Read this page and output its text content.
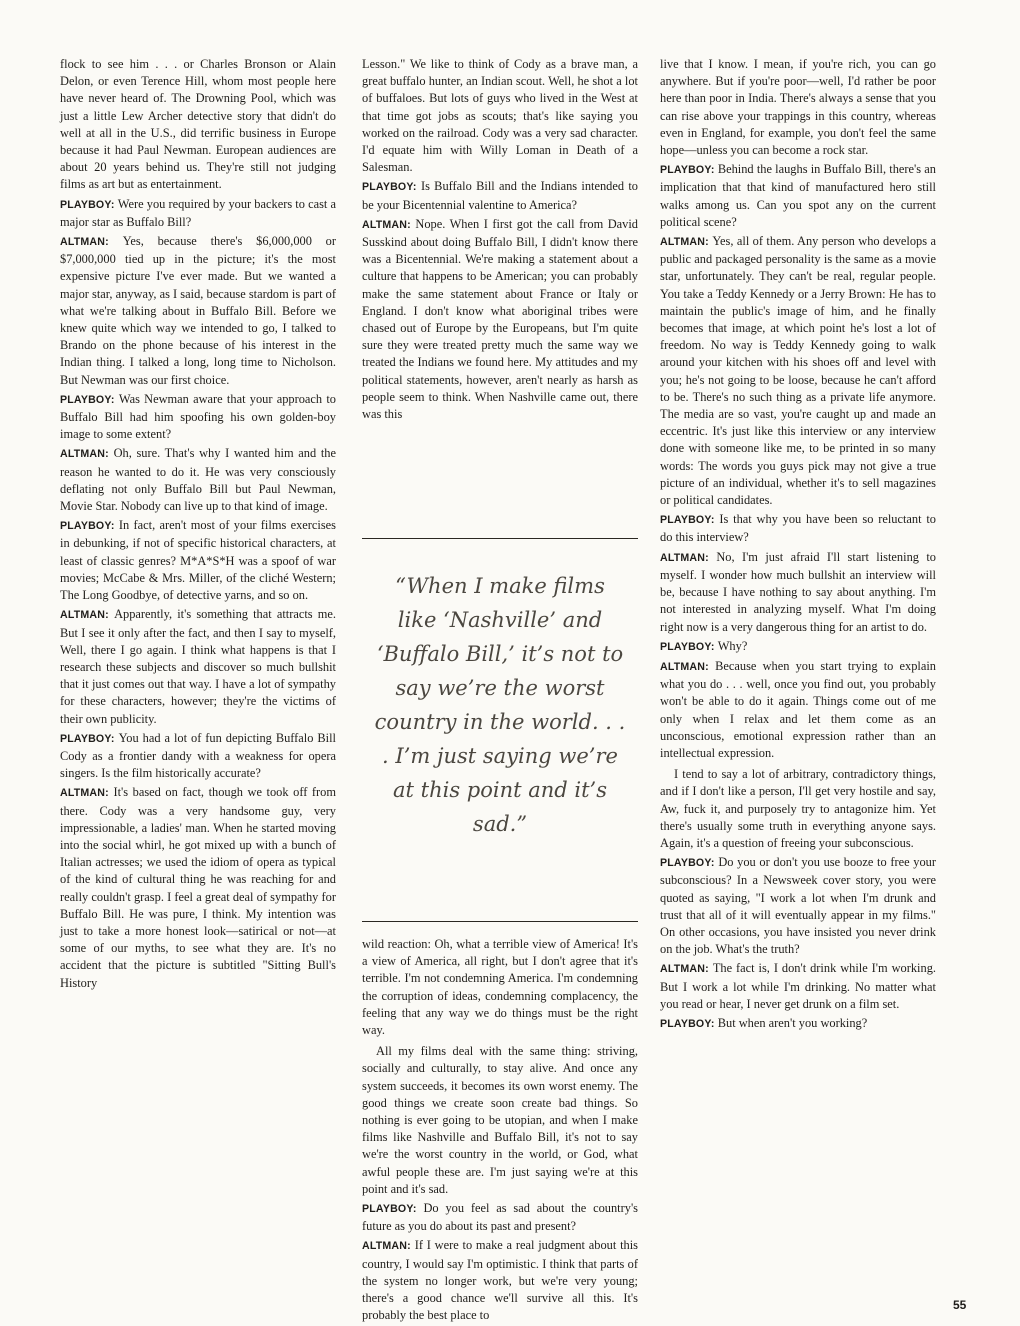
flock to see him . . . or Charles Bronson or Alain Delon, or even Terence Hill, whom most people here have never heard of. The Drowning Pool, which was just a little Lew Archer detective story that didn't do well at all in the U.S., did terrific business in Europe because it had Paul Newman. European audiences are about 20 years behind us. They're still not judging films as art but as entertainment.

PLAYBOY: Were you required by your backers to cast a major star as Buffalo Bill?

ALTMAN: Yes, because there's $6,000,000 or $7,000,000 tied up in the picture; it's the most expensive picture I've ever made. But we wanted a major star, anyway, as I said, because stardom is part of what we're talking about in Buffalo Bill. Before we knew quite which way we intended to go, I talked to Brando on the phone because of his interest in the Indian thing. I talked a long, long time to Nicholson. But Newman was our first choice.

PLAYBOY: Was Newman aware that your approach to Buffalo Bill had him spoofing his own golden-boy image to some extent?

ALTMAN: Oh, sure. That's why I wanted him and the reason he wanted to do it. He was very consciously deflating not only Buffalo Bill but Paul Newman, Movie Star. Nobody can live up to that kind of image.

PLAYBOY: In fact, aren't most of your films exercises in debunking, if not of specific historical characters, at least of classic genres? M*A*S*H was a spoof of war movies; McCabe & Mrs. Miller, of the cliché Western; The Long Goodbye, of detective yarns, and so on.

ALTMAN: Apparently, it's something that attracts me. But I see it only after the fact, and then I say to myself, Well, there I go again. I think what happens is that I research these subjects and discover so much bullshit that it just comes out that way. I have a lot of sympathy for these characters, however; they're the victims of their own publicity.

PLAYBOY: You had a lot of fun depicting Buffalo Bill Cody as a frontier dandy with a weakness for opera singers. Is the film historically accurate?

ALTMAN: It's based on fact, though we took off from there. Cody was a very handsome guy, very impressionable, a ladies' man. When he started moving into the social whirl, he got mixed up with a bunch of Italian actresses; we used the idiom of opera as typical of the kind of cultural thing he was reaching for and really couldn't grasp. I feel a great deal of sympathy for Buffalo Bill. He was pure, I think. My intention was just to take a more honest look—satirical or not—at some of our myths, to see what they are. It's no accident that the picture is subtitled "Sitting Bull's History

Lesson." We like to think of Cody as a brave man, a great buffalo hunter, an Indian scout. Well, he shot a lot of buffaloes. But lots of guys who lived in the West at that time got jobs as scouts; that's like saying you worked on the railroad. Cody was a very sad character. I'd equate him with Willy Loman in Death of a Salesman.

PLAYBOY: Is Buffalo Bill and the Indians intended to be your Bicentennial valentine to America?

ALTMAN: Nope. When I first got the call from David Susskind about doing Buffalo Bill, I didn't know there was a Bicentennial. We're making a statement about a culture that happens to be American; you can probably make the same statement about France or Italy or England. I don't know what aboriginal tribes were chased out of Europe by the Europeans, but I'm quite sure they were treated pretty much the same way we treated the Indians we found here. My attitudes and my political statements, however, aren't nearly as harsh as people seem to think. When Nashville came out, there was this

“When I make films like ‘Nashville’ and ‘Buffalo Bill,’ it’s not to say we’re the worst country in the world. . . . I’m just saying we’re at this point and it’s sad.”

wild reaction: Oh, what a terrible view of America! It's a view of America, all right, but I don't agree that it's terrible. I'm not condemning America. I'm condemning the corruption of ideas, condemning complacency, the feeling that any way we do things must be the right way.

All my films deal with the same thing: striving, socially and culturally, to stay alive. And once any system succeeds, it becomes its own worst enemy. The good things we create soon create bad things. So nothing is ever going to be utopian, and when I make films like Nashville and Buffalo Bill, it's not to say we're the worst country in the world, or God, what awful people these are. I'm just saying we're at this point and it's sad.

PLAYBOY: Do you feel as sad about the country's future as you do about its past and present?

ALTMAN: If I were to make a real judgment about this country, I would say I'm optimistic. I think that parts of the system no longer work, but we're very young; there's a good chance we'll survive all this. It's probably the best place to

live that I know. I mean, if you're rich, you can go anywhere. But if you're poor—well, I'd rather be poor here than poor in India. There's always a sense that you can rise above your trappings in this country, whereas even in England, for example, you don't feel the same hope—unless you can become a rock star.

PLAYBOY: Behind the laughs in Buffalo Bill, there's an implication that that kind of manufactured hero still walks among us. Can you spot any on the current political scene?

ALTMAN: Yes, all of them. Any person who develops a public and packaged personality is the same as a movie star, unfortunately. They can't be real, regular people. You take a Teddy Kennedy or a Jerry Brown: He has to maintain the public's image of him, and he finally becomes that image, at which point he's lost a lot of freedom. No way is Teddy Kennedy going to walk around your kitchen with his shoes off and level with you; he's not going to be loose, because he can't afford to be. There's no such thing as a private life anymore. The media are so vast, you're caught up and made an eccentric. It's just like this interview or any interview done with someone like me, to be printed in so many words: The words you guys pick may not give a true picture of an individual, whether it's to sell magazines or political candidates.

PLAYBOY: Is that why you have been so reluctant to do this interview?

ALTMAN: No, I'm just afraid I'll start listening to myself. I wonder how much bullshit an interview will be, because I have nothing to say about anything. I'm not interested in analyzing myself. What I'm doing right now is a very dangerous thing for an artist to do.

PLAYBOY: Why?

ALTMAN: Because when you start trying to explain what you do . . . well, once you find out, you probably won't be able to do it again. Things come out of me only when I relax and let them come as an unconscious, emotional expression rather than an intellectual expression.

I tend to say a lot of arbitrary, contradictory things, and if I don't like a person, I'll get very hostile and say, Aw, fuck it, and purposely try to antagonize him. Yet there's usually some truth in everything anyone says. Again, it's a question of freeing your subconscious.

PLAYBOY: Do you or don't you use booze to free your subconscious? In a Newsweek cover story, you were quoted as saying, "I work a lot when I'm drunk and trust that all of it will eventually appear in my films." On other occasions, you have insisted you never drink on the job. What's the truth?

ALTMAN: The fact is, I don't drink while I'm working. But I work a lot while I'm drinking. No matter what you read or hear, I never get drunk on a film set.

PLAYBOY: But when aren't you working?

55
